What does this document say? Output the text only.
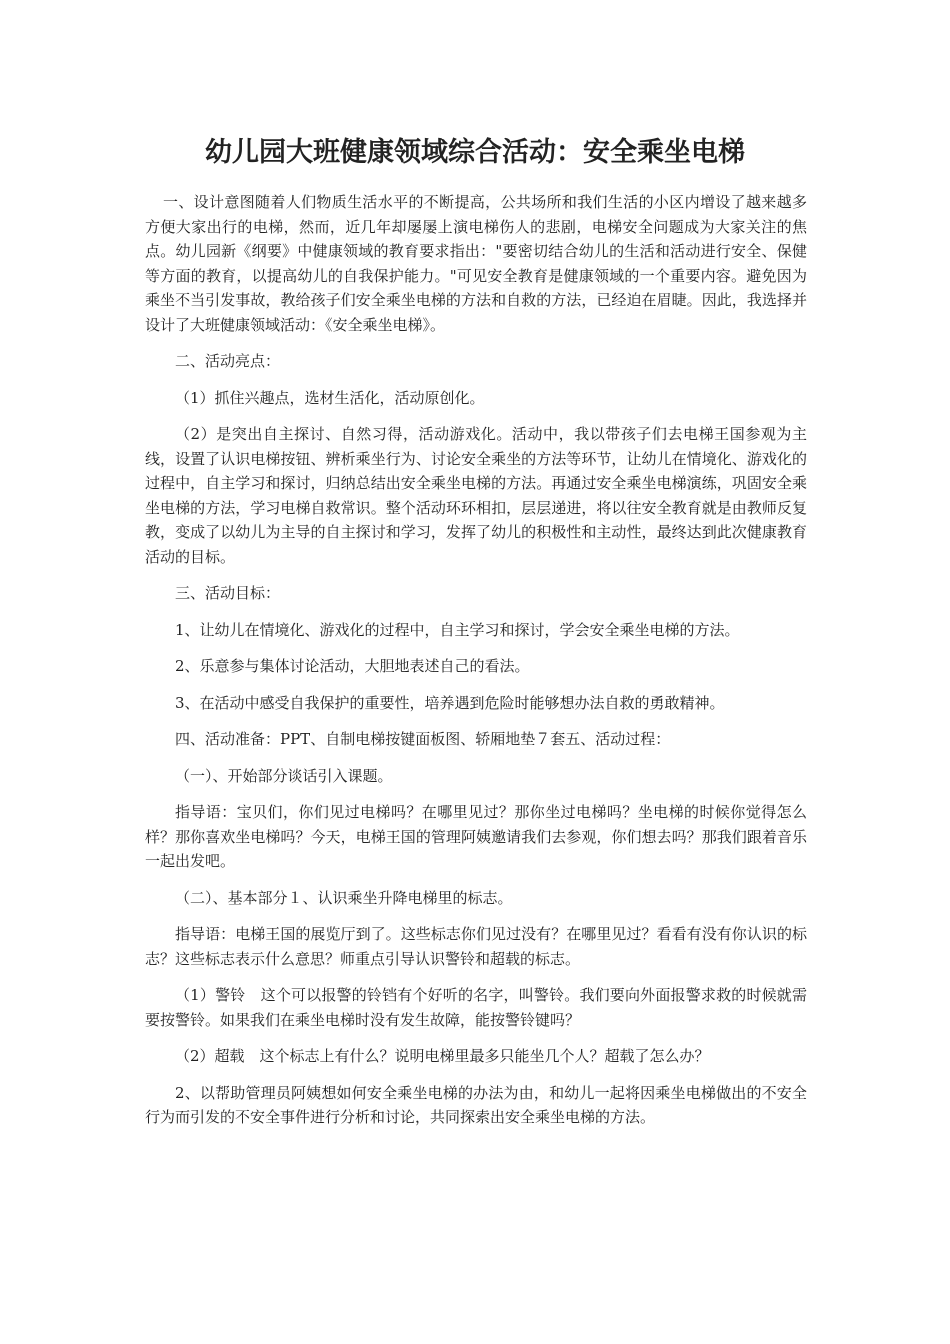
幼儿园大班健康领域综合活动：安全乘坐电梯

一、设计意图随着人们物质生活水平的不断提高，公共场所和我们生活的小区内增设了越来越多方便大家出行的电梯，然而，近几年却屡屡上演电梯伤人的悲剧，电梯安全问题成为大家关注的焦点。幼儿园新《纲要》中健康领域的教育要求指出："要密切结合幼儿的生活和活动进行安全、保健等方面的教育，以提高幼儿的自我保护能力。"可见安全教育是健康领域的一个重要内容。避免因为乘坐不当引发事故，教给孩子们安全乘坐电梯的方法和自救的方法，已经迫在眉睫。因此，我选择并设计了大班健康领域活动：《安全乘坐电梯》。

二、活动亮点：

（1）抓住兴趣点，选材生活化，活动原创化。

（2）是突出自主探讨、自然习得，活动游戏化。活动中，我以带孩子们去电梯王国参观为主线，设置了认识电梯按钮、辨析乘坐行为、讨论安全乘坐的方法等环节，让幼儿在情境化、游戏化的过程中，自主学习和探讨，归纳总结出安全乘坐电梯的方法。再通过安全乘坐电梯演练，巩固安全乘坐电梯的方法，学习电梯自救常识。整个活动环环相扣，层层递进，将以往安全教育就是由教师反复教，变成了以幼儿为主导的自主探讨和学习，发挥了幼儿的积极性和主动性，最终达到此次健康教育活动的目标。

三、活动目标：

1、让幼儿在情境化、游戏化的过程中，自主学习和探讨，学会安全乘坐电梯的方法。

2、乐意参与集体讨论活动，大胆地表述自己的看法。

3、在活动中感受自我保护的重要性，培养遇到危险时能够想办法自救的勇敢精神。

四、活动准备：PPT、自制电梯按键面板图、轿厢地垫７套五、活动过程：

（一）、开始部分谈话引入课题。

指导语：宝贝们，你们见过电梯吗？在哪里见过？那你坐过电梯吗？坐电梯的时候你觉得怎么样？那你喜欢坐电梯吗？今天，电梯王国的管理阿姨邀请我们去参观，你们想去吗？那我们跟着音乐一起出发吧。

（二）、基本部分１、认识乘坐升降电梯里的标志。

指导语：电梯王国的展览厅到了。这些标志你们见过没有？在哪里见过？看看有没有你认识的标志？这些标志表示什么意思？师重点引导认识警铃和超载的标志。

（1）警铃　这个可以报警的铃铛有个好听的名字，叫警铃。我们要向外面报警求救的时候就需要按警铃。如果我们在乘坐电梯时没有发生故障，能按警铃键吗？

（2）超载　这个标志上有什么？说明电梯里最多只能坐几个人？超载了怎么办？

2、以帮助管理员阿姨想如何安全乘坐电梯的办法为由，和幼儿一起将因乘坐电梯做出的不安全行为而引发的不安全事件进行分析和讨论，共同探索出安全乘坐电梯的方法。
